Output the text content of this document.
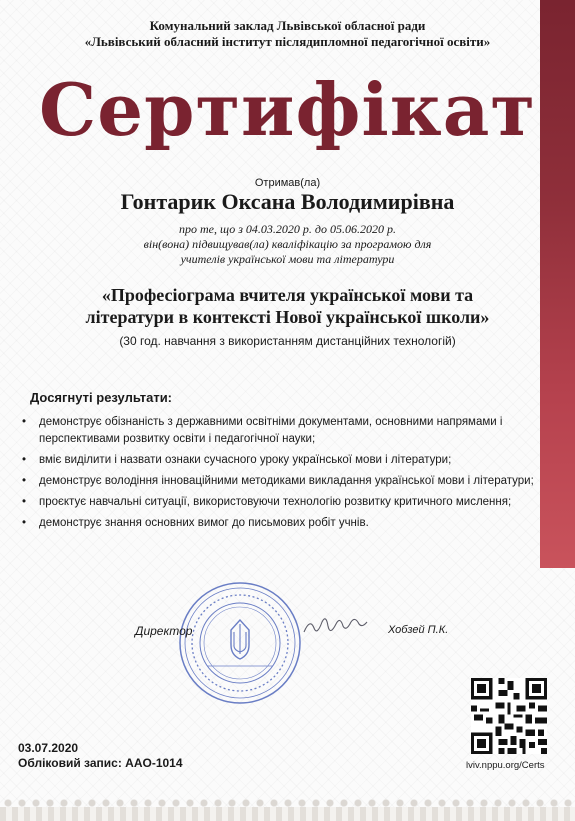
Комунальний заклад Львівської обласної ради
«Львівський обласний інститут післядипломної педагогічної освіти»
Сертифікат
Отримав(ла)
Гонтарик Оксана Володимирівна
про те, що з 04.03.2020 р. до 05.06.2020 р.
він(вона) підвищував(ла) кваліфікацію за програмою для
учителів української мови та літератури
«Професіограма вчителя української мови та
літератури в контексті Нової української школи»
(30 год. навчання з використанням дистанційних технологій)
Досягнуті результати:
• демонструє обізнаність з державними освітніми документами, основними напрямами і перспективами розвитку освіти і педагогічної науки;
• вміє виділити і назвати ознаки сучасного уроку української мови і літератури;
• демонструє володіння інноваційними методиками викладання української мови і літератури;
• проєктує навчальні ситуації, використовуючи технологію розвитку критичного мислення;
• демонструє знання основних вимог до письмових робіт учнів.
Директор	Хобзей П.К.
03.07.2020
Обліковий запис: AAO-1014	lviv.nppu.org/Certs
